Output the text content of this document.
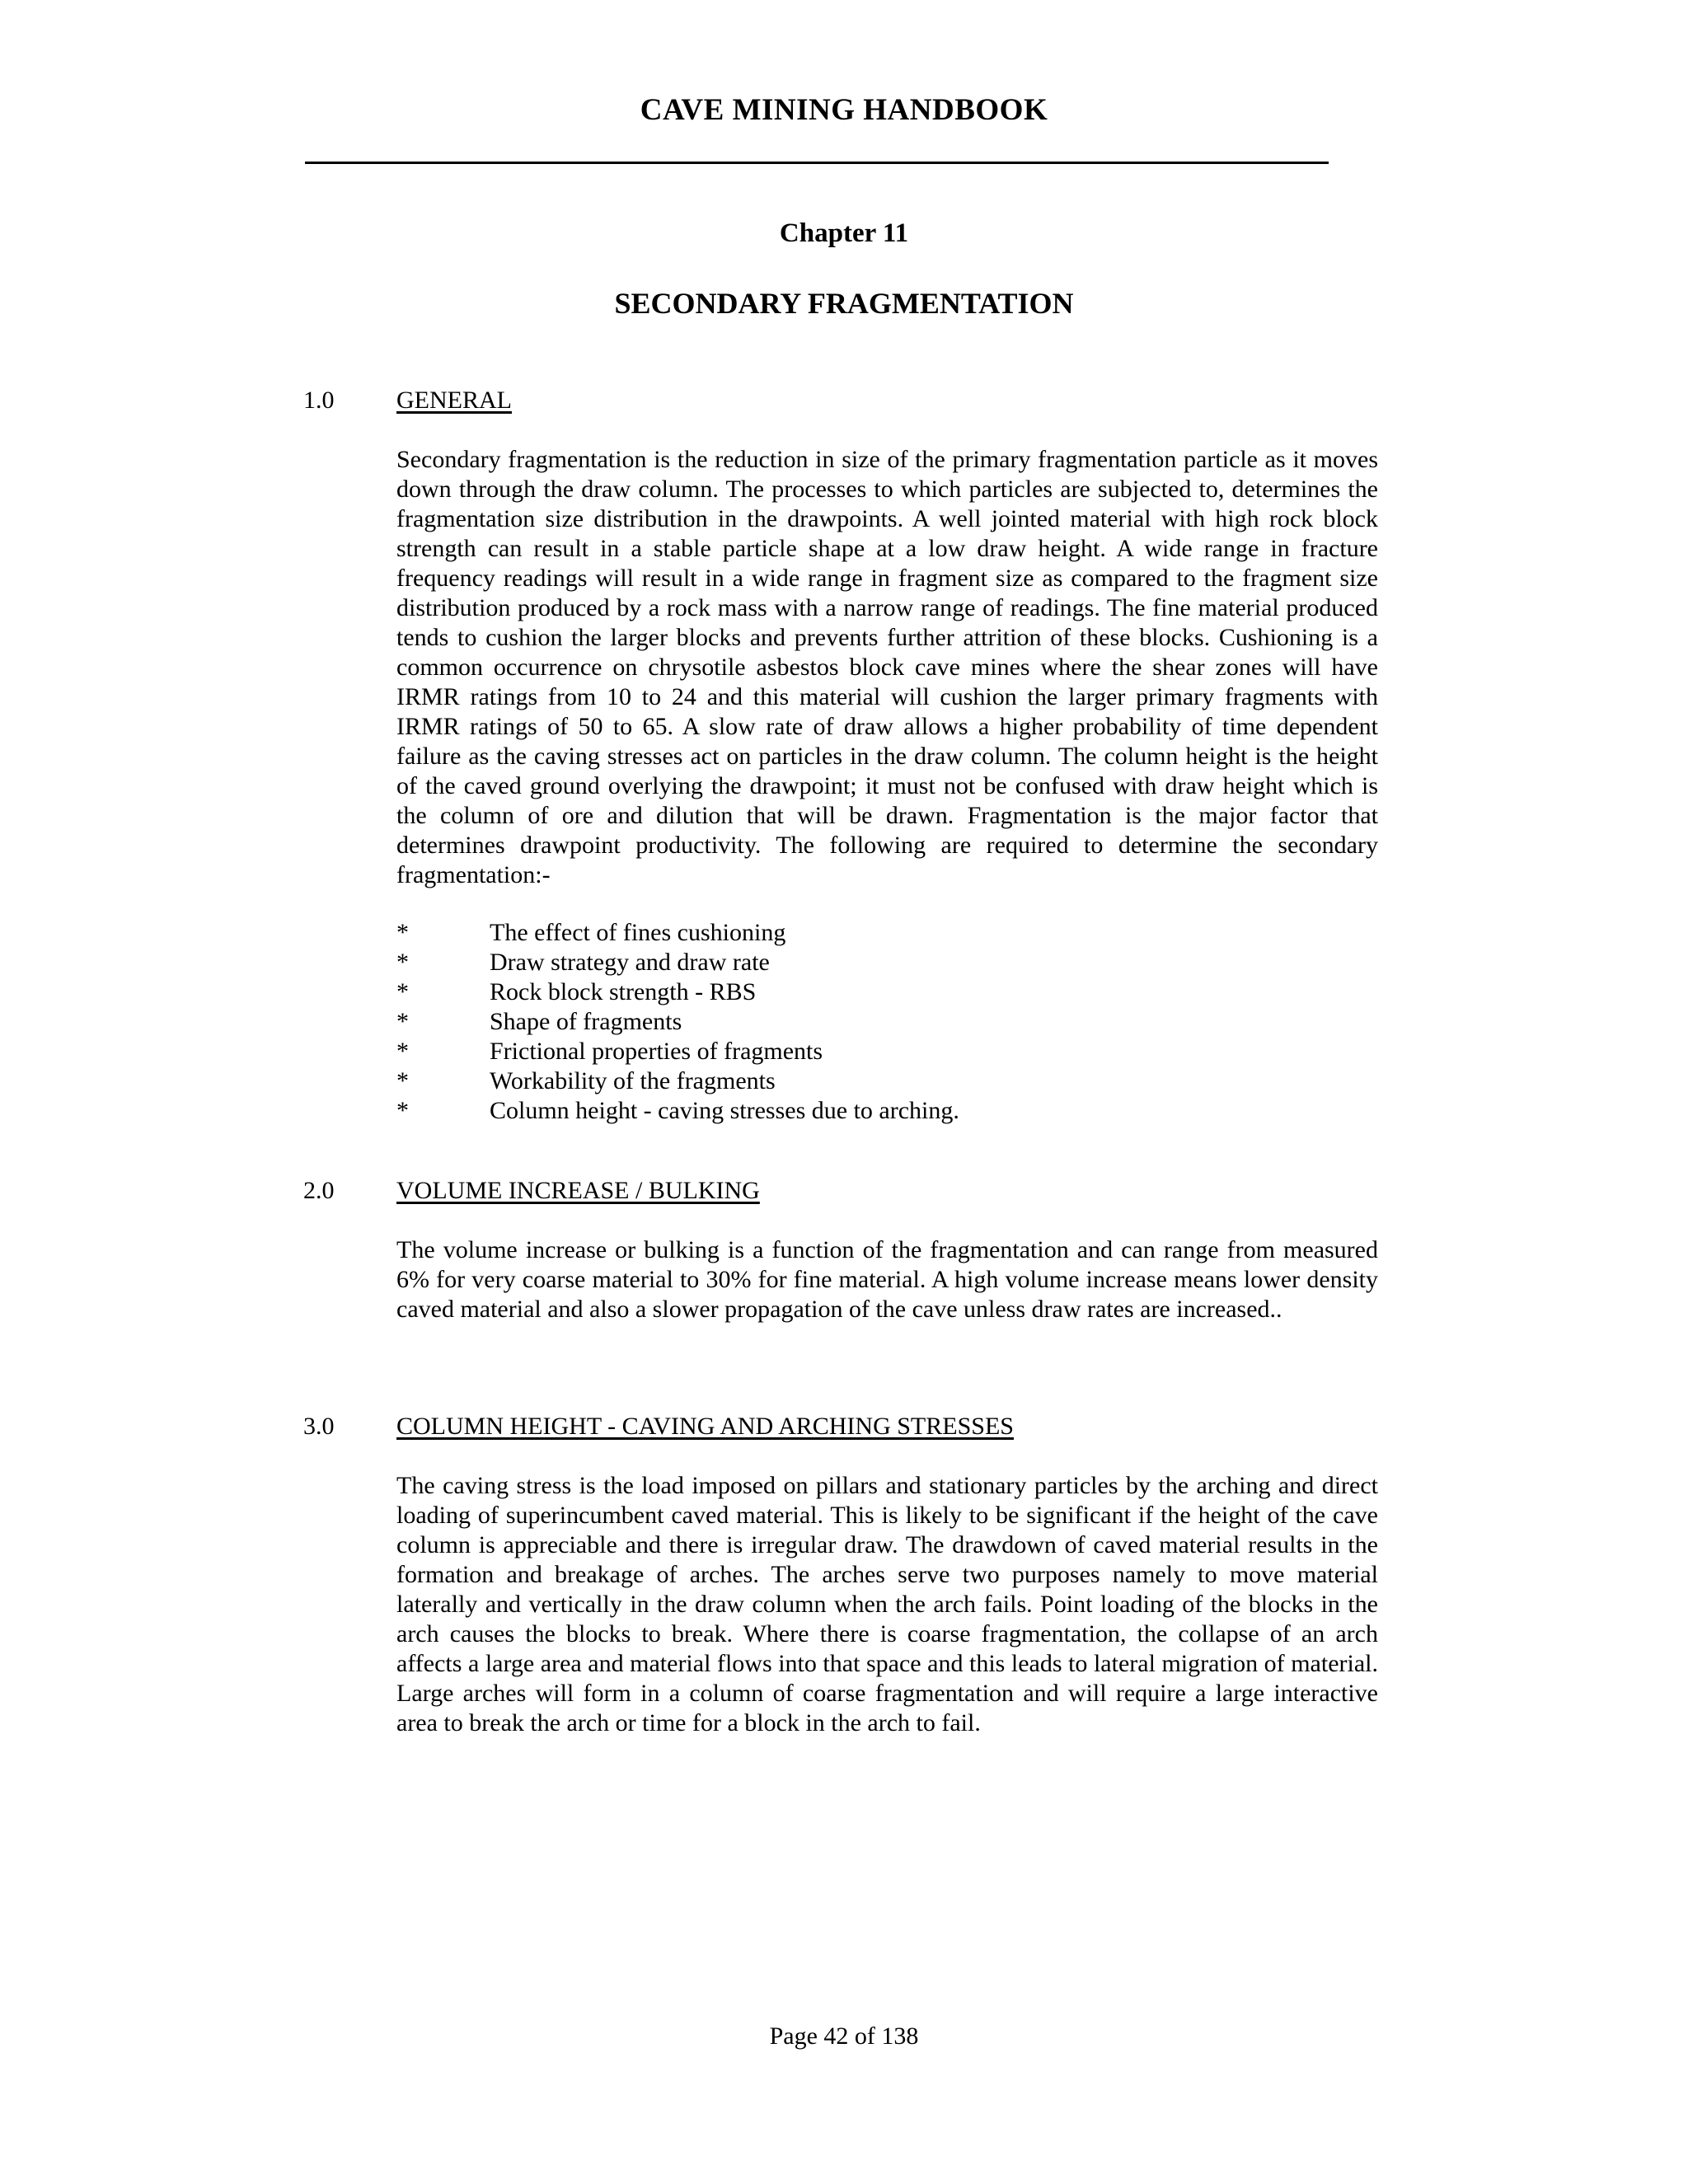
CAVE MINING HANDBOOK
Chapter 11
SECONDARY FRAGMENTATION
1.0	GENERAL

Secondary fragmentation is the reduction in size of the primary fragmentation particle as it moves down through the draw column. The processes to which particles are subjected to, determines the fragmentation size distribution in the drawpoints. A well jointed material with high rock block strength can result in a stable particle shape at a low draw height. A wide range in fracture frequency readings will result in a wide range in fragment size as compared to the fragment size distribution produced by a rock mass with a narrow range of readings. The fine material produced tends to cushion the larger blocks and prevents further attrition of these blocks. Cushioning is a common occurrence on chrysotile asbestos block cave mines where the shear zones will have IRMR ratings from 10 to 24 and this material will cushion the larger primary fragments with IRMR ratings of 50 to 65. A slow rate of draw allows a higher probability of time dependent failure as the caving stresses act on particles in the draw column. The column height is the height of the caved ground overlying the drawpoint; it must not be confused with draw height which is the column of ore and dilution that will be drawn. Fragmentation is the major factor that determines drawpoint productivity. The following are required to determine the secondary fragmentation:-

*	The effect of fines cushioning
*	Draw strategy and draw rate
*	Rock block strength - RBS
*	Shape of fragments
*	Frictional properties of fragments
*	Workability of the fragments
*	Column height - caving stresses due to arching.
2.0	VOLUME INCREASE / BULKING

The volume increase or bulking is a function of the fragmentation and can range from measured 6% for very coarse material to 30% for fine material. A high volume increase means lower density caved material and also a slower propagation of the cave unless draw rates are increased..

3.0	COLUMN HEIGHT - CAVING AND ARCHING STRESSES

The caving stress is the load imposed on pillars and stationary particles by the arching and direct loading of superincumbent caved material. This is likely to be significant if the height of the cave column is appreciable and there is irregular draw. The drawdown of caved material results in the formation and breakage of arches. The arches serve two purposes namely to move material laterally and vertically in the draw column when the arch fails. Point loading of the blocks in the arch causes the blocks to break. Where there is coarse fragmentation, the collapse of an arch affects a large area and material flows into that space and this leads to lateral migration of material. Large arches will form in a column of coarse fragmentation and will require a large interactive area to break the arch or time for a block in the arch to fail.

Page 42 of 138
